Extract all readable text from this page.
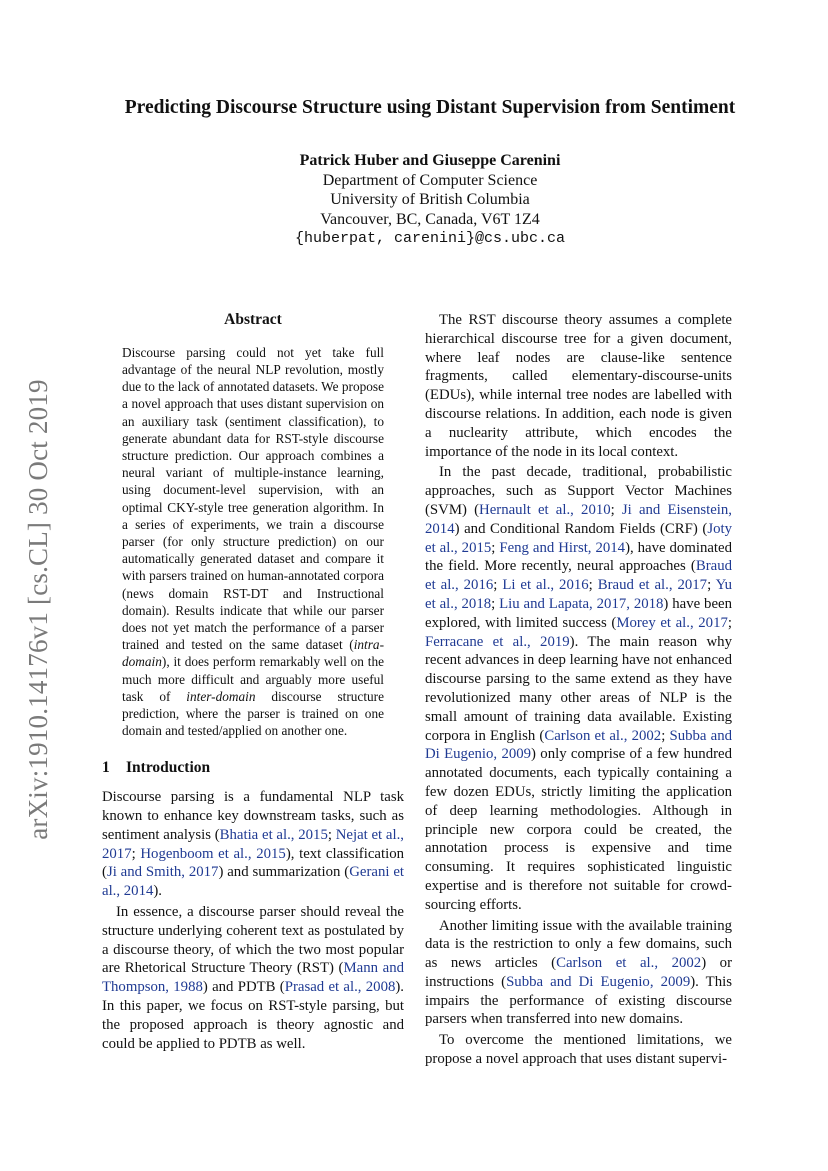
arXiv:1910.14176v1 [cs.CL] 30 Oct 2019
Predicting Discourse Structure using Distant Supervision from Sentiment
Patrick Huber and Giuseppe Carenini
Department of Computer Science
University of British Columbia
Vancouver, BC, Canada, V6T 1Z4
{huberpat, carenini}@cs.ubc.ca
Abstract
Discourse parsing could not yet take full advantage of the neural NLP revolution, mostly due to the lack of annotated datasets. We propose a novel approach that uses distant supervision on an auxiliary task (sentiment classification), to generate abundant data for RST-style discourse structure prediction. Our approach combines a neural variant of multiple-instance learning, using document-level supervision, with an optimal CKY-style tree generation algorithm. In a series of experiments, we train a discourse parser (for only structure prediction) on our automatically generated dataset and compare it with parsers trained on human-annotated corpora (news domain RST-DT and Instructional domain). Results indicate that while our parser does not yet match the performance of a parser trained and tested on the same dataset (intra-domain), it does perform remarkably well on the much more difficult and arguably more useful task of inter-domain discourse structure prediction, where the parser is trained on one domain and tested/applied on another one.
1 Introduction

Discourse parsing is a fundamental NLP task known to enhance key downstream tasks, such as sentiment analysis (Bhatia et al., 2015; Nejat et al., 2017; Hogenboom et al., 2015), text classification (Ji and Smith, 2017) and summarization (Gerani et al., 2014).

In essence, a discourse parser should reveal the structure underlying coherent text as postulated by a discourse theory, of which the two most popular are Rhetorical Structure Theory (RST) (Mann and Thompson, 1988) and PDTB (Prasad et al., 2008). In this paper, we focus on RST-style parsing, but the proposed approach is theory agnostic and could be applied to PDTB as well.

The RST discourse theory assumes a complete hierarchical discourse tree for a given document, where leaf nodes are clause-like sentence fragments, called elementary-discourse-units (EDUs), while internal tree nodes are labelled with discourse relations. In addition, each node is given a nuclearity attribute, which encodes the importance of the node in its local context.

In the past decade, traditional, probabilistic approaches, such as Support Vector Machines (SVM) (Hernault et al., 2010; Ji and Eisenstein, 2014) and Conditional Random Fields (CRF) (Joty et al., 2015; Feng and Hirst, 2014), have dominated the field. More recently, neural approaches (Braud et al., 2016; Li et al., 2016; Braud et al., 2017; Yu et al., 2018; Liu and Lapata, 2017, 2018) have been explored, with limited success (Morey et al., 2017; Ferracane et al., 2019). The main reason why recent advances in deep learning have not enhanced discourse parsing to the same extend as they have revolutionized many other areas of NLP is the small amount of training data available. Existing corpora in English (Carlson et al., 2002; Subba and Di Eugenio, 2009) only comprise of a few hundred annotated documents, each typically containing a few dozen EDUs, strictly limiting the application of deep learning methodologies. Although in principle new corpora could be created, the annotation process is expensive and time consuming. It requires sophisticated linguistic expertise and is therefore not suitable for crowd-sourcing efforts.

Another limiting issue with the available training data is the restriction to only a few domains, such as news articles (Carlson et al., 2002) or instructions (Subba and Di Eugenio, 2009). This impairs the performance of existing discourse parsers when transferred into new domains.

To overcome the mentioned limitations, we propose a novel approach that uses distant supervi-
